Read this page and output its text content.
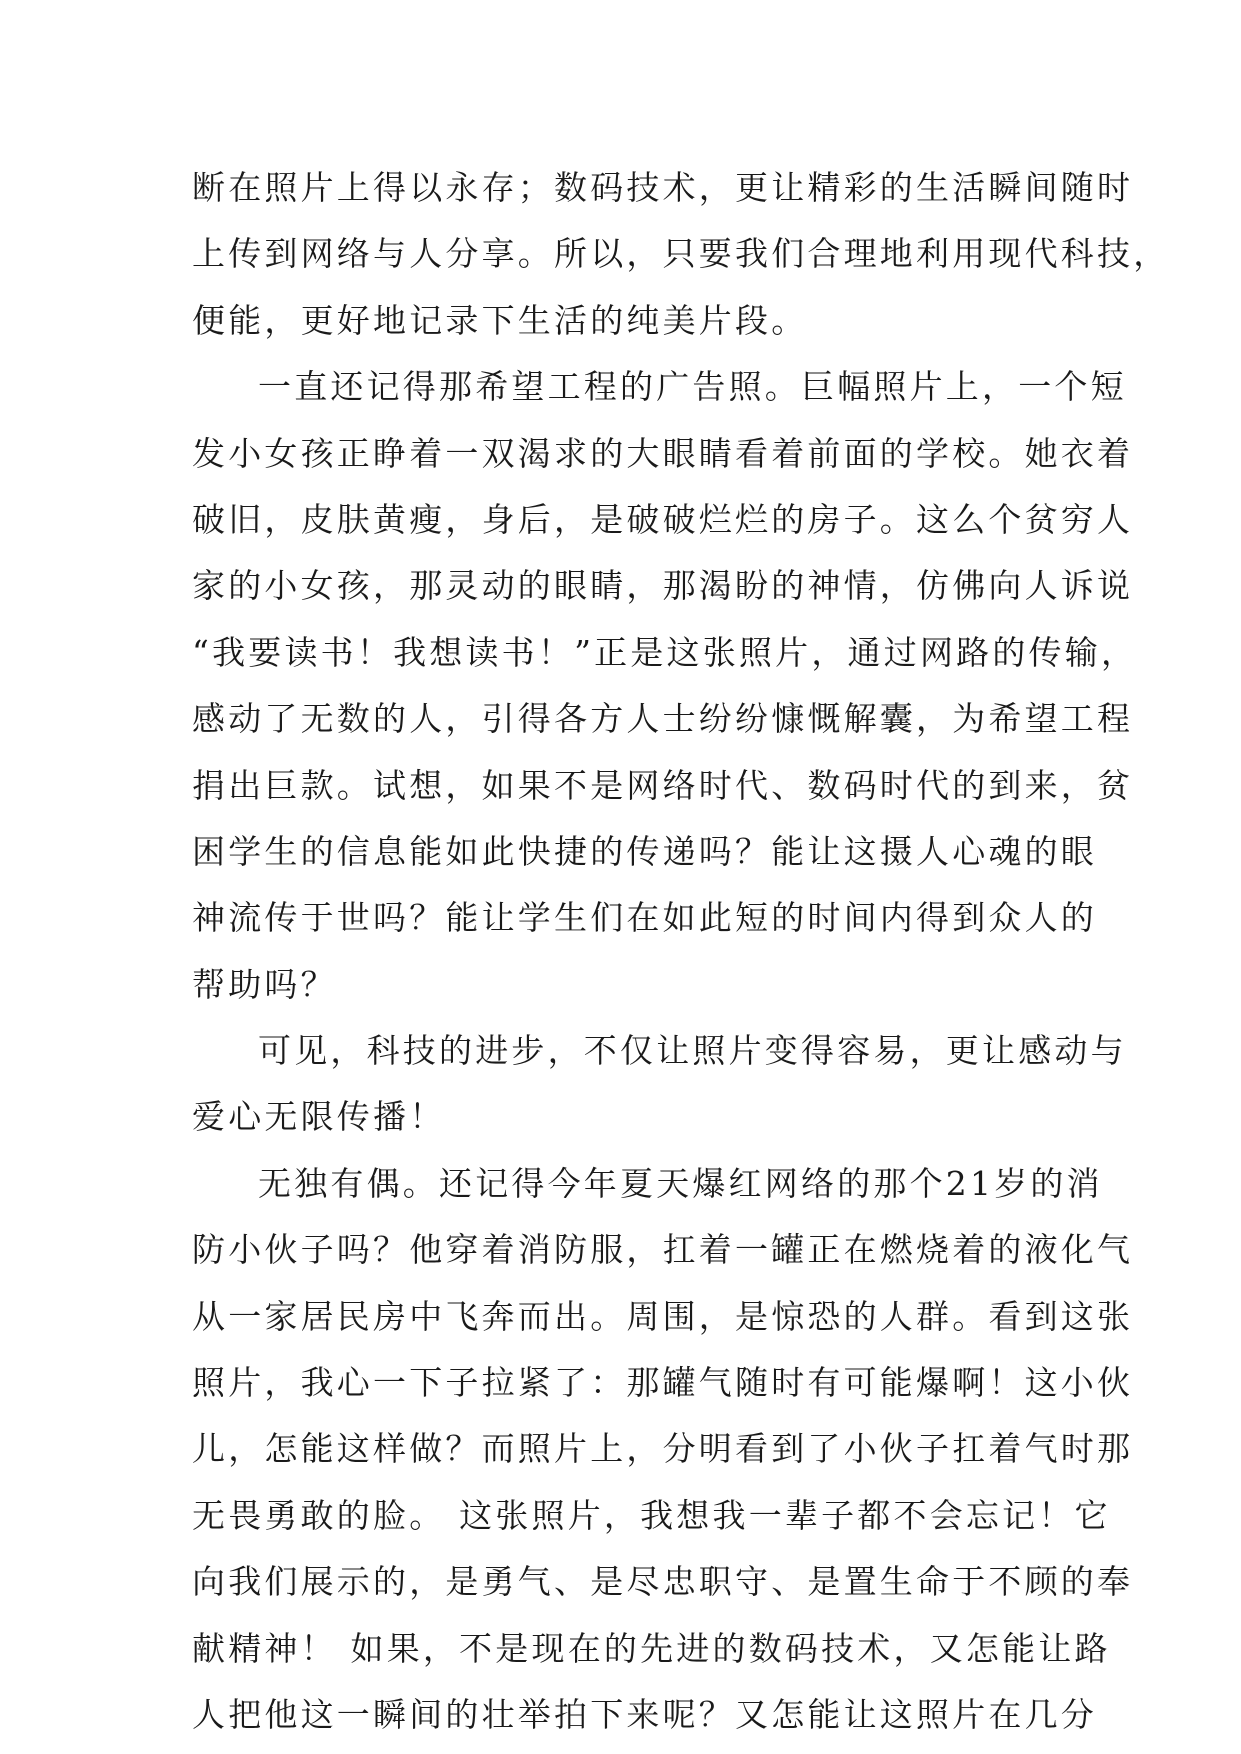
断在照片上得以永存；数码技术，更让精彩的生活瞬间随时
上传到网络与人分享。所以，只要我们合理地利用现代科技，
便能，更好地记录下生活的纯美片段。
一直还记得那希望工程的广告照。巨幅照片上，一个短
发小女孩正睁着一双渴求的大眼睛看着前面的学校。她衣着
破旧，皮肤黄瘦，身后，是破破烂烂的房子。这么个贫穷人
家的小女孩，那灵动的眼睛，那渴盼的神情，仿佛向人诉说
“我要读书！我想读书！”正是这张照片，通过网路的传输，
感动了无数的人，引得各方人士纷纷慷慨解囊，为希望工程
捐出巨款。试想，如果不是网络时代、数码时代的到来，贫
困学生的信息能如此快捷的传递吗？能让这摄人心魂的眼
神流传于世吗？能让学生们在如此短的时间内得到众人的
帮助吗？
可见，科技的进步，不仅让照片变得容易，更让感动与
爱心无限传播！
无独有偶。还记得今年夏天爆红网络的那个21岁的消
防小伙子吗？他穿着消防服，扛着一罐正在燃烧着的液化气
从一家居民房中飞奔而出。周围，是惊恐的人群。看到这张
照片，我心一下子拉紧了：那罐气随时有可能爆啊！这小伙
儿，怎能这样做？而照片上，分明看到了小伙子扛着气时那
无畏勇敢的脸。 这张照片，我想我一辈子都不会忘记！它
向我们展示的，是勇气、是尽忠职守、是置生命于不顾的奉
献精神！ 如果，不是现在的先进的数码技术，又怎能让路
人把他这一瞬间的壮举拍下来呢？又怎能让这照片在几分
